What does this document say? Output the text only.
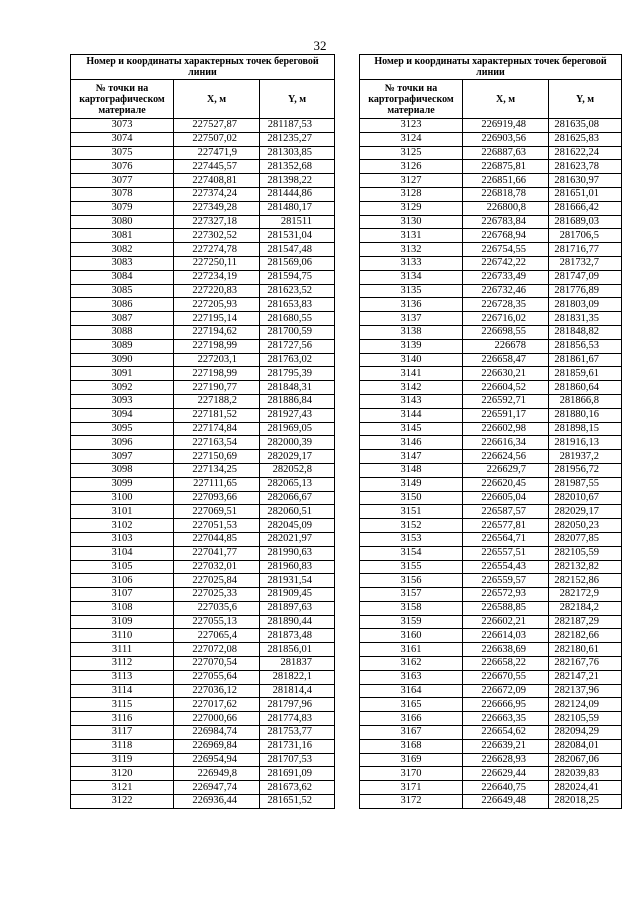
32
Номер и координаты характерных точек береговой линии		
№ точки на картографическом материале	X, м	Y, м
3073	227527,87	281187,53
3074	227507,02	281235,27
3075	227471,9	281303,85
3076	227445,57	281352,68
3077	227408,81	281398,22
3078	227374,24	281444,86
3079	227349,28	281480,17
3080	227327,18	281511
3081	227302,52	281531,04
3082	227274,78	281547,48
3083	227250,11	281569,06
3084	227234,19	281594,75
3085	227220,83	281623,52
3086	227205,93	281653,83
3087	227195,14	281680,55
3088	227194,62	281700,59
3089	227198,99	281727,56
3090	227203,1	281763,02
3091	227198,99	281795,39
3092	227190,77	281848,31
3093	227188,2	281886,84
3094	227181,52	281927,43
3095	227174,84	281969,05
3096	227163,54	282000,39
3097	227150,69	282029,17
3098	227134,25	282052,8
3099	227111,65	282065,13
3100	227093,66	282066,67
3101	227069,51	282060,51
3102	227051,53	282045,09
3103	227044,85	282021,97
3104	227041,77	281990,63
3105	227032,01	281960,83
3106	227025,84	281931,54
3107	227025,33	281909,45
3108	227035,6	281897,63
3109	227055,13	281890,44
3110	227065,4	281873,48
3111	227072,08	281856,01
3112	227070,54	281837
3113	227055,64	281822,1
3114	227036,12	281814,4
3115	227017,62	281797,96
3116	227000,66	281774,83
3117	226984,74	281753,77
3118	226969,84	281731,16
3119	226954,94	281707,53
3120	226949,8	281691,09
3121	226947,74	281673,62
3122	226936,44	281651,52
Номер и координаты характерных точек береговой линии		
№ точки на картографическом материале	X, м	Y, м
3123	226919,48	281635,08
3124	226903,56	281625,83
3125	226887,63	281622,24
3126	226875,81	281623,78
3127	226851,66	281630,97
3128	226818,78	281651,01
3129	226800,8	281666,42
3130	226783,84	281689,03
3131	226768,94	281706,5
3132	226754,55	281716,77
3133	226742,22	281732,7
3134	226733,49	281747,09
3135	226732,46	281776,89
3136	226728,35	281803,09
3137	226716,02	281831,35
3138	226698,55	281848,82
3139	226678	281856,53
3140	226658,47	281861,67
3141	226630,21	281859,61
3142	226604,52	281860,64
3143	226592,71	281866,8
3144	226591,17	281880,16
3145	226602,98	281898,15
3146	226616,34	281916,13
3147	226624,56	281937,2
3148	226629,7	281956,72
3149	226620,45	281987,55
3150	226605,04	282010,67
3151	226587,57	282029,17
3152	226577,81	282050,23
3153	226564,71	282077,85
3154	226557,51	282105,59
3155	226554,43	282132,82
3156	226559,57	282152,86
3157	226572,93	282172,9
3158	226588,85	282184,2
3159	226602,21	282187,29
3160	226614,03	282182,66
3161	226638,69	282180,61
3162	226658,22	282167,76
3163	226670,55	282147,21
3164	226672,09	282137,96
3165	226666,95	282124,09
3166	226663,35	282105,59
3167	226654,62	282094,29
3168	226639,21	282084,01
3169	226628,93	282067,06
3170	226629,44	282039,83
3171	226640,75	282024,41
3172	226649,48	282018,25
